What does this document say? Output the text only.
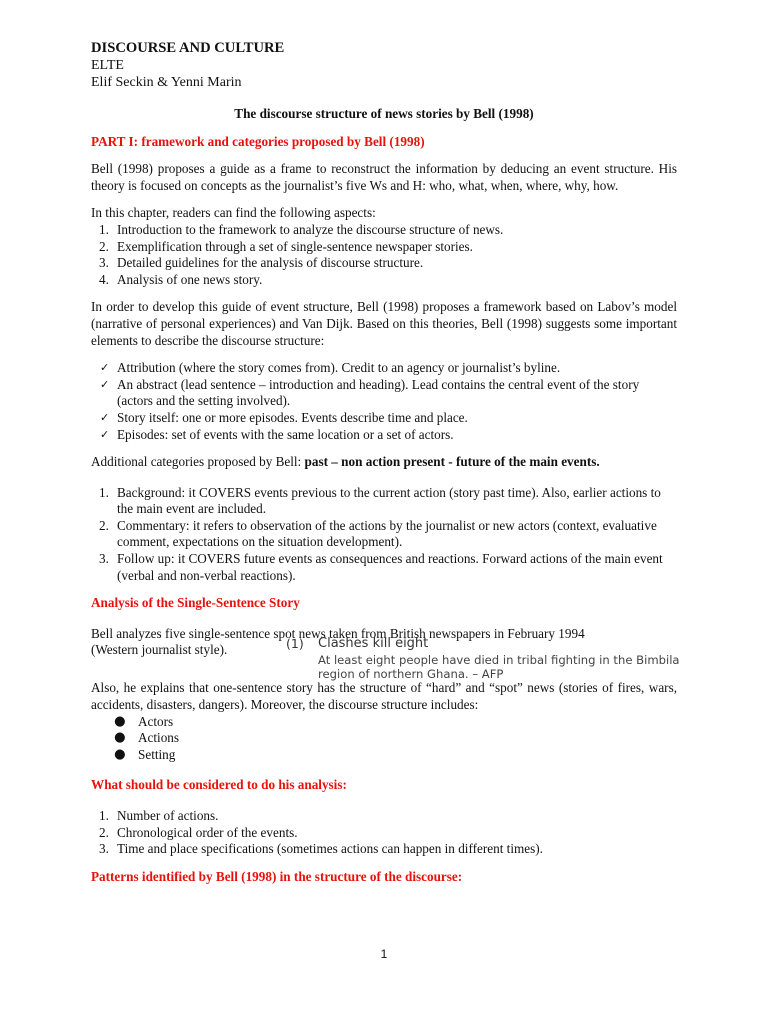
DISCOURSE AND CULTURE
ELTE
Elif Seckin & Yenni Marin
The discourse structure of news stories by Bell (1998)
PART I: framework and categories proposed by Bell (1998)

Bell (1998) proposes a guide as a frame to reconstruct the information by deducing an event structure. His theory is focused on concepts as the journalist’s five Ws and H: who, what, when, where, why, how.

In this chapter, readers can find the following aspects:

1. Introduction to the framework to analyze the discourse structure of news.
2. Exemplification through a set of single-sentence newspaper stories.
3. Detailed guidelines for the analysis of discourse structure.
4. Analysis of one news story.

In order to develop this guide of event structure, Bell (1998) proposes a framework based on Labov’s model (narrative of personal experiences) and Van Dijk. Based on this theories, Bell (1998) suggests some important elements to describe the discourse structure:

✓ Attribution (where the story comes from). Credit to an agency or journalist’s byline.
✓ An abstract (lead sentence – introduction and heading). Lead contains the central event of the story (actors and the setting involved).
✓ Story itself: one or more episodes. Events describe time and place.
✓ Episodes: set of events with the same location or a set of actors.

Additional categories proposed by Bell: past – non action present - future of the main events.

1. Background: it COVERS events previous to the current action (story past time). Also, earlier actions to the main event are included.
2. Commentary: it refers to observation of the actions by the journalist or new actors (context, evaluative comment, expectations on the situation development).
3. Follow up: it COVERS future events as consequences and reactions. Forward actions of the main event (verbal and non-verbal reactions).
Analysis of the Single-Sentence Story

Bell analyzes five single-sentence spot news taken from British newspapers in February 1994

(Western journalist style).	(1) Clashes kill eight
At least eight people have died in tribal fighting in the Bimbila region of northern Ghana. – AFP

Also, he explains that one-sentence story has the structure of “hard” and “spot” news (stories of fires, wars, accidents, disasters, dangers). Moreover, the discourse structure includes:

● Actors
● Actions
● Setting
What should be considered to do his analysis:
1. Number of actions.
2. Chronological order of the events.
3. Time and place specifications (sometimes actions can happen in different times).
Patterns identified by Bell (1998) in the structure of the discourse:
1
